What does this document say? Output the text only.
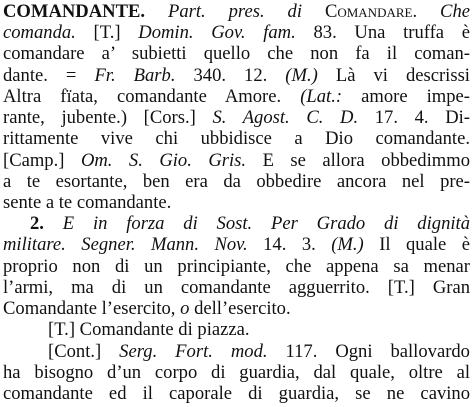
COMANDANTE. Part. pres. di Comandare. Che
comanda. [T.] Domin. Gov. fam. 83. Una truffa è
comandare a’ subietti quello che non fa il coman-
dante. = Fr. Barb. 340. 12. (M.) Là vi descrissi
Altra fïata, comandante Amore. (Lat.: amore impe-
rante, jubente.) [Cors.] S. Agost. C. D. 17. 4. Di-
rittamente vive chi ubbidisce a Dio comandante.
[Camp.] Om. S. Gio. Gris. E se allora obbedimmo
a te esortante, ben era da obbedire ancora nel pre-
sente a te comandante.
2. E in forza di Sost. Per Grado di dignità
militare. Segner. Mann. Nov. 14. 3. (M.) Il quale è
proprio non di un principiante, che appena sa menar
l’armi, ma di un comandante agguerrito. [T.] Gran
Comandante l’esercito, o dell’esercito.
[T.] Comandante di piazza.
[Cont.] Serg. Fort. mod. 117. Ogni ballovardo
ha bisogno d’un corpo di guardia, dal quale, oltre al
comandante ed il caporale di guardia, se ne cavino
